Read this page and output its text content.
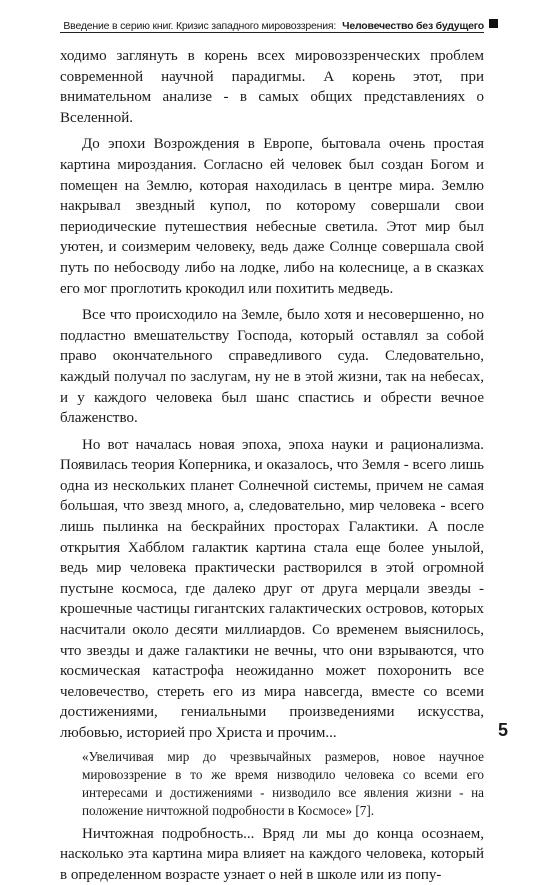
Введение в серию книг. Кризис западного мировоззрения: Человечество без будущего

ходимо заглянуть в корень всех мировоззренческих проблем современной научной парадигмы. А корень этот, при внимательном анализе - в самых общих представлениях о Вселенной.

До эпохи Возрождения в Европе, бытовала очень простая картина мироздания. Согласно ей человек был создан Богом и помещен на Землю, которая находилась в центре мира. Землю накрывал звездный купол, по которому совершали свои периодические путешествия небесные светила. Этот мир был уютен, и соизмерим человеку, ведь даже Солнце совершала свой путь по небосводу либо на лодке, либо на колеснице, а в сказках его мог проглотить крокодил или похитить медведь.

Все что происходило на Земле, было хотя и несовершенно, но подластно вмешательству Господа, который оставлял за собой право окончательного справедливого суда. Следовательно, каждый получал по заслугам, ну не в этой жизни, так на небесах, и у каждого человека был шанс спастись и обрести вечное блаженство.

Но вот началась новая эпоха, эпоха науки и рационализма. Появилась теория Коперника, и оказалось, что Земля - всего лишь одна из нескольких планет Солнечной системы, причем не самая большая, что звезд много, а, следовательно, мир человека - всего лишь пылинка на бескрайних просторах Галактики. А после открытия Хабблом галактик картина стала еще более унылой, ведь мир человека практически растворился в этой огромной пустыне космоса, где далеко друг от друга мерцали звезды - крошечные частицы гигантских галактических островов, которых насчитали около десяти миллиардов. Со временем выяснилось, что звезды и даже галактики не вечны, что они взрываются, что космическая катастрофа неожиданно может похоронить все человечество, стереть его из мира навсегда, вместе со всеми достижениями, гениальными произведениями искусства, любовью, историей про Христа и прочим...

«Увеличивая мир до чрезвычайных размеров, новое научное мировоззрение в то же время низводило человека со всеми его интересами и достижениями - низводило все явления жизни - на положение ничтожной подробности в Космосе» [7].

Ничтожная подробность... Вряд ли мы до конца осознаем, насколько эта картина мира влияет на каждого человека, который в определенном возрасте узнает о ней в школе или из попу-

5
